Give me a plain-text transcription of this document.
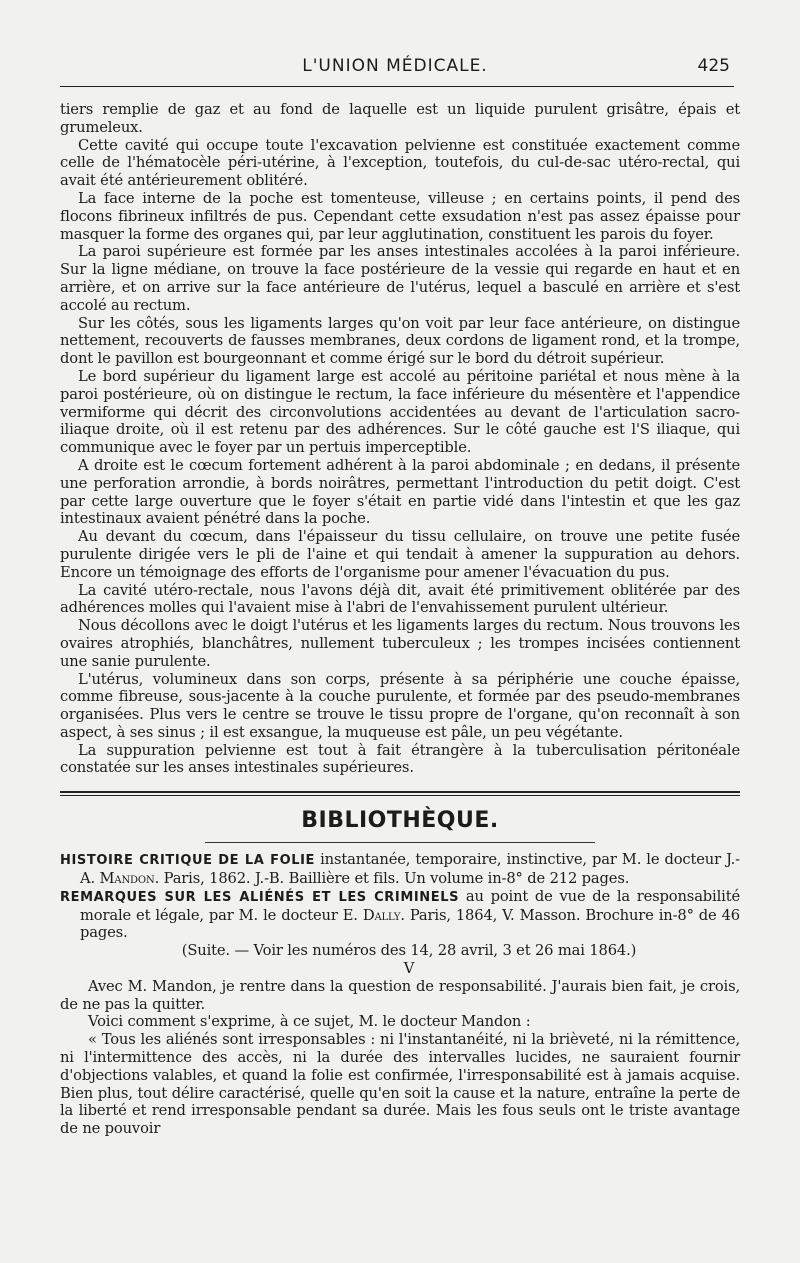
L'UNION MÉDICALE.	425

tiers remplie de gaz et au fond de laquelle est un liquide purulent grisâtre, épais et grumeleux.

Cette cavité qui occupe toute l'excavation pelvienne est constituée exactement comme celle de l'hématocèle péri-utérine, à l'exception, toutefois, du cul-de-sac utéro-rectal, qui avait été antérieurement oblitéré.

La face interne de la poche est tomenteuse, villeuse ; en certains points, il pend des flocons fibrineux infiltrés de pus. Cependant cette exsudation n'est pas assez épaisse pour masquer la forme des organes qui, par leur agglutination, constituent les parois du foyer.

La paroi supérieure est formée par les anses intestinales accolées à la paroi inférieure. Sur la ligne médiane, on trouve la face postérieure de la vessie qui regarde en haut et en arrière, et on arrive sur la face antérieure de l'utérus, lequel a basculé en arrière et s'est accolé au rectum.

Sur les côtés, sous les ligaments larges qu'on voit par leur face antérieure, on distingue nettement, recouverts de fausses membranes, deux cordons de ligament rond, et la trompe, dont le pavillon est bourgeonnant et comme érigé sur le bord du détroit supérieur.

Le bord supérieur du ligament large est accolé au péritoine pariétal et nous mène à la paroi postérieure, où on distingue le rectum, la face inférieure du mésentère et l'appendice vermiforme qui décrit des circonvolutions accidentées au devant de l'articulation sacro-iliaque droite, où il est retenu par des adhérences. Sur le côté gauche est l'S iliaque, qui communique avec le foyer par un pertuis imperceptible.

A droite est le cœcum fortement adhérent à la paroi abdominale ; en dedans, il présente une perforation arrondie, à bords noirâtres, permettant l'introduction du petit doigt. C'est par cette large ouverture que le foyer s'était en partie vidé dans l'intestin et que les gaz intestinaux avaient pénétré dans la poche.

Au devant du cœcum, dans l'épaisseur du tissu cellulaire, on trouve une petite fusée purulente dirigée vers le pli de l'aine et qui tendait à amener la suppuration au dehors. Encore un témoignage des efforts de l'organisme pour amener l'évacuation du pus.

La cavité utéro-rectale, nous l'avons déjà dit, avait été primitivement oblitérée par des adhérences molles qui l'avaient mise à l'abri de l'envahissement purulent ultérieur.

Nous décollons avec le doigt l'utérus et les ligaments larges du rectum. Nous trouvons les ovaires atrophiés, blanchâtres, nullement tuberculeux ; les trompes incisées contiennent une sanie purulente.

L'utérus, volumineux dans son corps, présente à sa périphérie une couche épaisse, comme fibreuse, sous-jacente à la couche purulente, et formée par des pseudo-membranes organisées. Plus vers le centre se trouve le tissu propre de l'organe, qu'on reconnaît à son aspect, à ses sinus ; il est exsangue, la muqueuse est pâle, un peu végétante.

La suppuration pelvienne est tout à fait étrangère à la tuberculisation péritonéale constatée sur les anses intestinales supérieures.

BIBLIOTHÈQUE.

HISTOIRE CRITIQUE DE LA FOLIE instantanée, temporaire, instinctive, par M. le docteur J.-A. Mandon. Paris, 1862. J.-B. Baillière et fils. Un volume in-8° de 212 pages.

REMARQUES SUR LES ALIÉNÉS ET LES CRIMINELS au point de vue de la responsabilité morale et légale, par M. le docteur E. Dally. Paris, 1864, V. Masson. Brochure in-8° de 46 pages.

(Suite. — Voir les numéros des 14, 28 avril, 3 et 26 mai 1864.)

V

Avec M. Mandon, je rentre dans la question de responsabilité. J'aurais bien fait, je crois, de ne pas la quitter.

Voici comment s'exprime, à ce sujet, M. le docteur Mandon :

« Tous les aliénés sont irresponsables : ni l'instantanéité, ni la brièveté, ni la rémittence, ni l'intermittence des accès, ni la durée des intervalles lucides, ne sauraient fournir d'objections valables, et quand la folie est confirmée, l'irresponsabilité est à jamais acquise. Bien plus, tout délire caractérisé, quelle qu'en soit la cause et la nature, entraîne la perte de la liberté et rend irresponsable pendant sa durée. Mais les fous seuls ont le triste avantage de ne pouvoir
